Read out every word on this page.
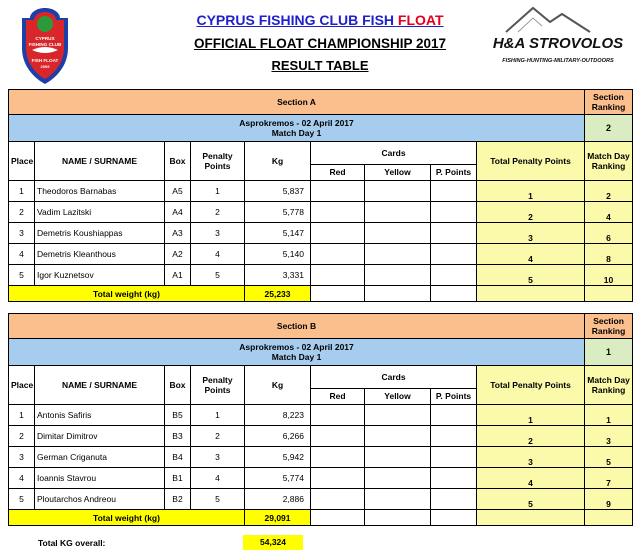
CYPRUS
FISHING CLUB
FISH FLOAT
2009
CYPRUS FISHING CLUB FISH FLOAT
OFFICIAL FLOAT CHAMPIONSHIP 2017
RESULT TABLE
H&A STROVOLOS
FISHING-HUNTING-MILITARY-OUTDOORS
Section A									Section Ranking

Asprokremos - 02 April 2017
Match Day 1									2
Place	NAME / SURNAME	Box	Penalty Points	Kg	Cards			Total Penalty Points	Match Day Ranking
					Red	Yellow	P. Points		
1	Theodoros Barnabas	A5	1	5,837				1	2
2	Vadim Lazitski	A4	2	5,778				2	4
3	Demetris Koushiappas	A3	3	5,147				3	6
4	Demetris Kleanthous	A2	4	5,140				4	8
5	Igor Kuznetsov	A1	5	3,331				5	10
Total weight (kg)				25,233					
Section B									Section Ranking

Asprokremos - 02 April 2017
Match Day 1									1
Place	NAME / SURNAME	Box	Penalty Points	Kg	Cards			Total Penalty Points	Match Day Ranking
					Red	Yellow	P. Points		
1	Antonis Safiris	B5	1	8,223				1	1
2	Dimitar Dimitrov	B3	2	6,266				2	3
3	German Criganuta	B4	3	5,942				3	5
4	Ioannis Stavrou	B1	4	5,774				4	7
5	Ploutarchos Andreou	B2	5	2,886				5	9
Total weight (kg)				29,091					
Total KG overall:	54,324
